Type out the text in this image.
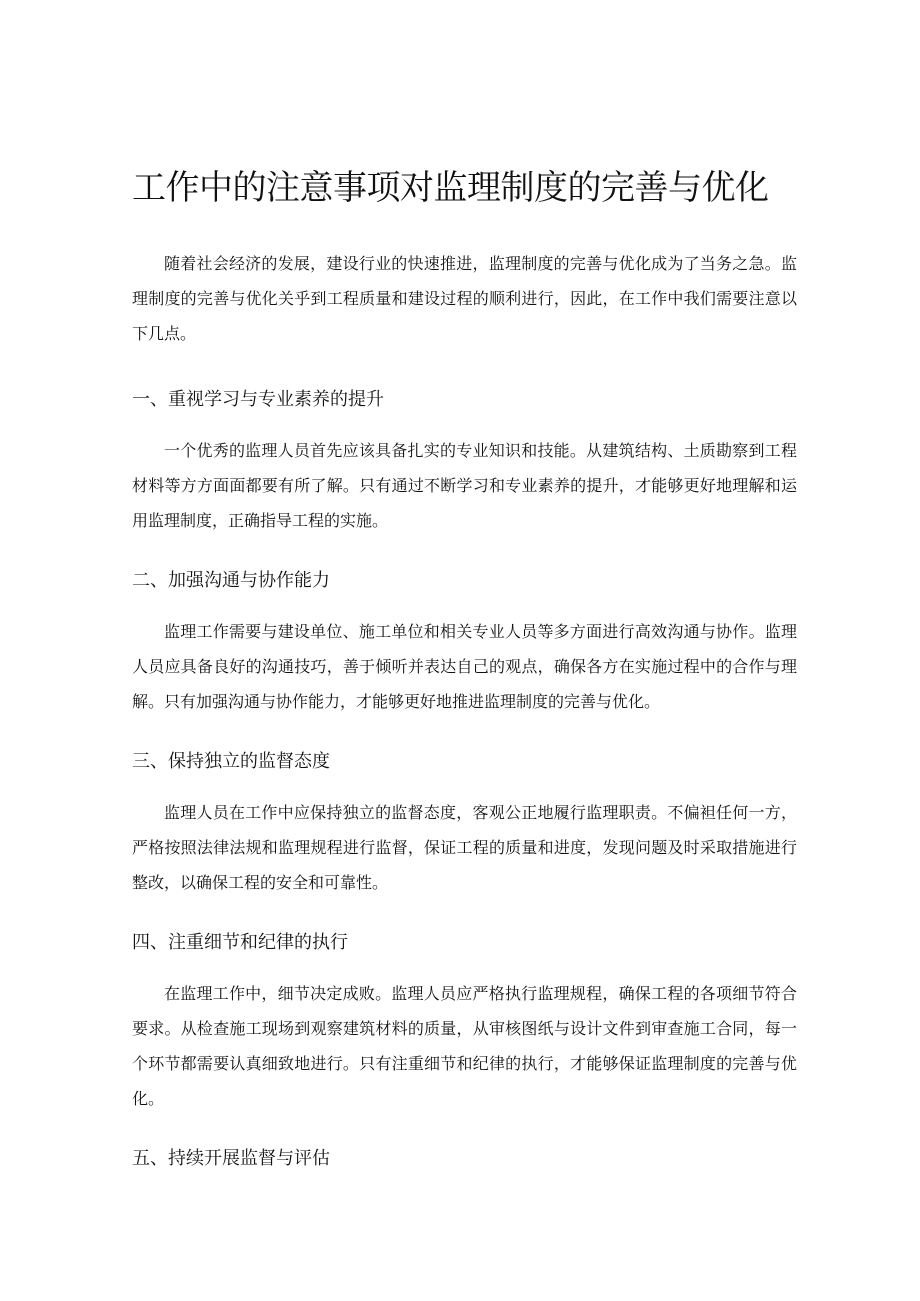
工作中的注意事项对监理制度的完善与优化

随着社会经济的发展，建设行业的快速推进，监理制度的完善与优化成为了当务之急。监理制度的完善与优化关乎到工程质量和建设过程的顺利进行，因此，在工作中我们需要注意以下几点。

一、重视学习与专业素养的提升

一个优秀的监理人员首先应该具备扎实的专业知识和技能。从建筑结构、土质勘察到工程材料等方方面面都要有所了解。只有通过不断学习和专业素养的提升，才能够更好地理解和运用监理制度，正确指导工程的实施。

二、加强沟通与协作能力

监理工作需要与建设单位、施工单位和相关专业人员等多方面进行高效沟通与协作。监理人员应具备良好的沟通技巧，善于倾听并表达自己的观点，确保各方在实施过程中的合作与理解。只有加强沟通与协作能力，才能够更好地推进监理制度的完善与优化。

三、保持独立的监督态度

监理人员在工作中应保持独立的监督态度，客观公正地履行监理职责。不偏袒任何一方，严格按照法律法规和监理规程进行监督，保证工程的质量和进度，发现问题及时采取措施进行整改，以确保工程的安全和可靠性。

四、注重细节和纪律的执行

在监理工作中，细节决定成败。监理人员应严格执行监理规程，确保工程的各项细节符合要求。从检查施工现场到观察建筑材料的质量，从审核图纸与设计文件到审查施工合同，每一个环节都需要认真细致地进行。只有注重细节和纪律的执行，才能够保证监理制度的完善与优化。

五、持续开展监督与评估
